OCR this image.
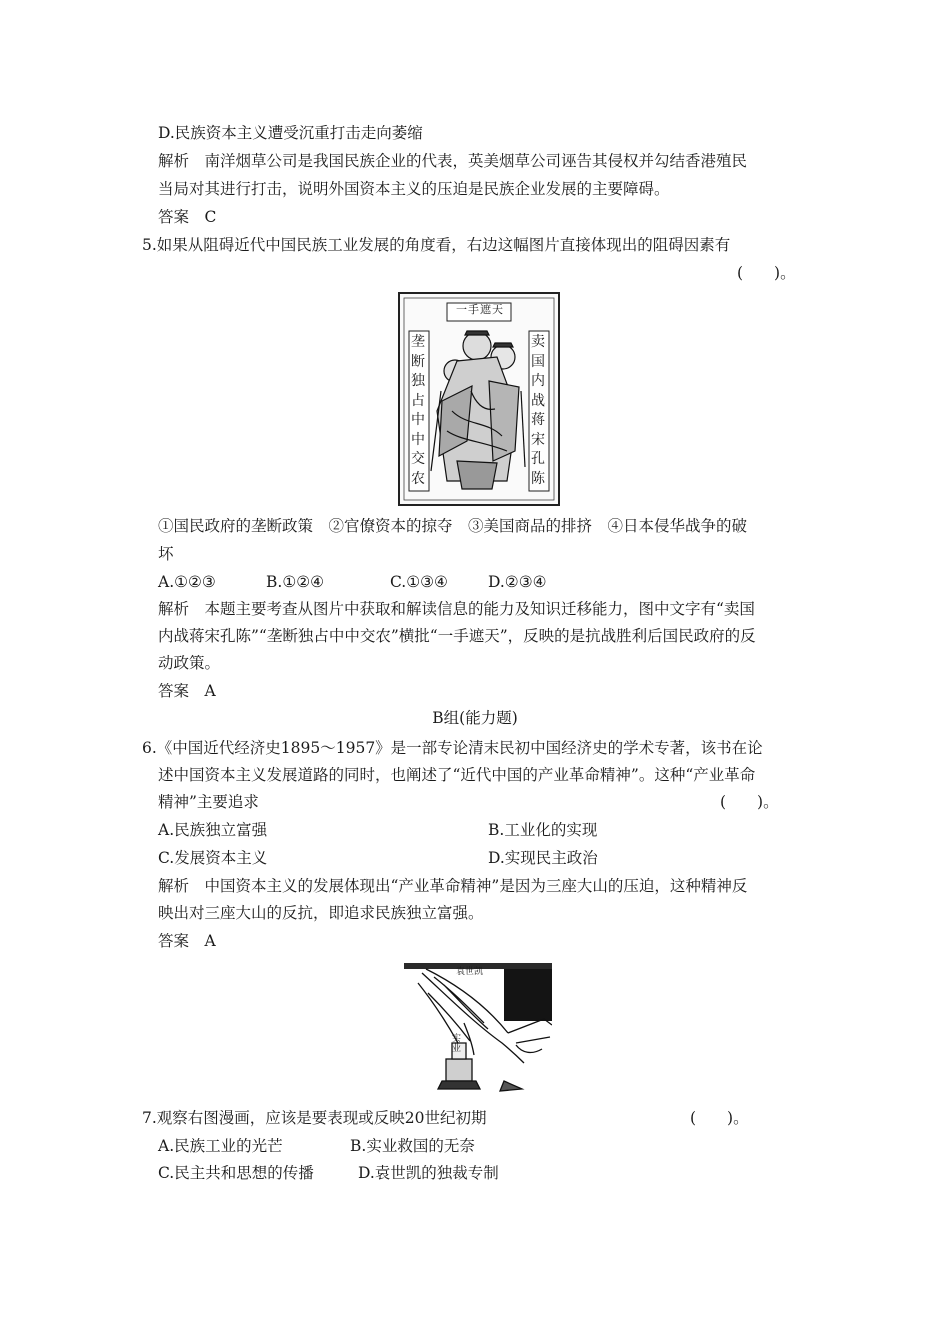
D.民族资本主义遭受沉重打击走向萎缩
解析　南洋烟草公司是我国民族企业的代表，英美烟草公司诬告其侵权并勾结香港殖民
当局对其进行打击，说明外国资本主义的压迫是民族企业发展的主要障碍。
答案　C
5.如果从阻碍近代中国民族工业发展的角度看，右边这幅图片直接体现出的阻碍因素有
(　　)。
一手遮天
垄断独占中中交农
卖国内战蒋宋孔陈
①国民政府的垄断政策　②官僚资本的掠夺　③美国商品的排挤　④日本侵华战争的破
坏
A.①②③	B.①②④	C.①③④	D.②③④
解析　本题主要考查从图片中获取和解读信息的能力及知识迁移能力，图中文字有“卖国
内战蒋宋孔陈”“垄断独占中中交农”横批“一手遮天”，反映的是抗战胜利后国民政府的反
动政策。
答案　A
B组(能力题)
6.《中国近代经济史1895～1957》是一部专论清末民初中国经济史的学术专著，该书在论
述中国资本主义发展道路的同时，也阐述了“近代中国的产业革命精神”。这种“产业革命
精神”主要追求	(　　)。
A.民族独立富强	B.工业化的实现
C.发展资本主义	D.实现民主政治
解析　中国资本主义的发展体现出“产业革命精神”是因为三座大山的压迫，这种精神反
映出对三座大山的反抗，即追求民族独立富强。
答案　A
袁世凯
实业
7.观察右图漫画，应该是要表现或反映20世纪初期	(　　)。
A.民族工业的光芒	B.实业救国的无奈
C.民主共和思想的传播	D.袁世凯的独裁专制
